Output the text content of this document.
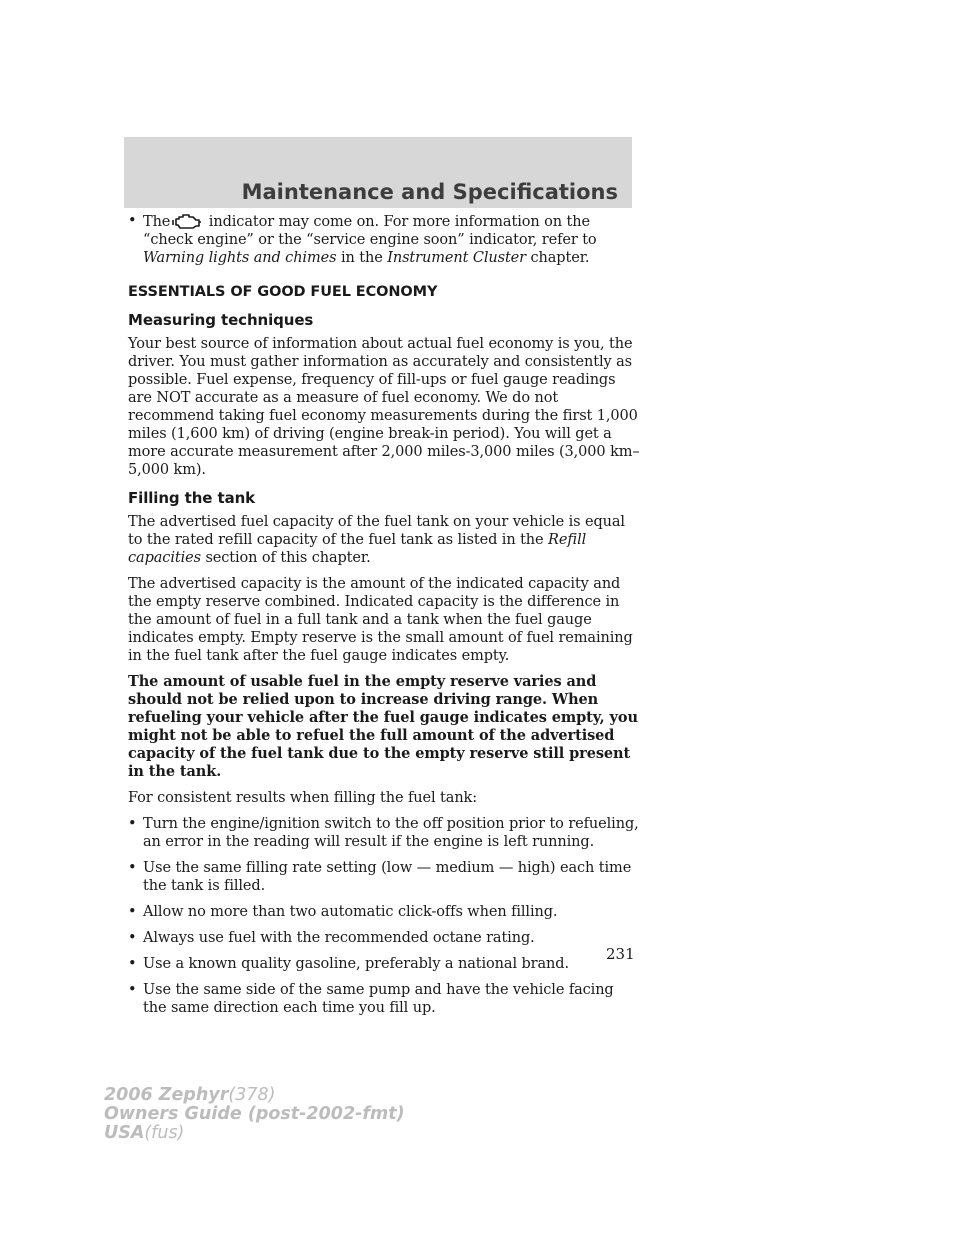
Maintenance and Specifications
• The indicator may come on. For more information on the “check engine” or the “service engine soon” indicator, refer to Warning lights and chimes in the Instrument Cluster chapter.
ESSENTIALS OF GOOD FUEL ECONOMY
Measuring techniques

Your best source of information about actual fuel economy is you, the driver. You must gather information as accurately and consistently as possible. Fuel expense, frequency of fill-ups or fuel gauge readings are NOT accurate as a measure of fuel economy. We do not recommend taking fuel economy measurements during the first 1,000 miles (1,600 km) of driving (engine break-in period). You will get a more accurate measurement after 2,000 miles-3,000 miles (3,000 km–5,000 km).

Filling the tank

The advertised fuel capacity of the fuel tank on your vehicle is equal to the rated refill capacity of the fuel tank as listed in the Refill capacities section of this chapter.

The advertised capacity is the amount of the indicated capacity and the empty reserve combined. Indicated capacity is the difference in the amount of fuel in a full tank and a tank when the fuel gauge indicates empty. Empty reserve is the small amount of fuel remaining in the fuel tank after the fuel gauge indicates empty.

The amount of usable fuel in the empty reserve varies and should not be relied upon to increase driving range. When refueling your vehicle after the fuel gauge indicates empty, you might not be able to refuel the full amount of the advertised capacity of the fuel tank due to the empty reserve still present in the tank.

For consistent results when filling the fuel tank:

• Turn the engine/ignition switch to the off position prior to refueling, an error in the reading will result if the engine is left running.
• Use the same filling rate setting (low — medium — high) each time the tank is filled.
• Allow no more than two automatic click-offs when filling.
• Always use fuel with the recommended octane rating.
• Use a known quality gasoline, preferably a national brand.
• Use the same side of the same pump and have the vehicle facing the same direction each time you fill up.
231
2006 Zephyr(378)
Owners Guide (post-2002-fmt)
USA(fus)
